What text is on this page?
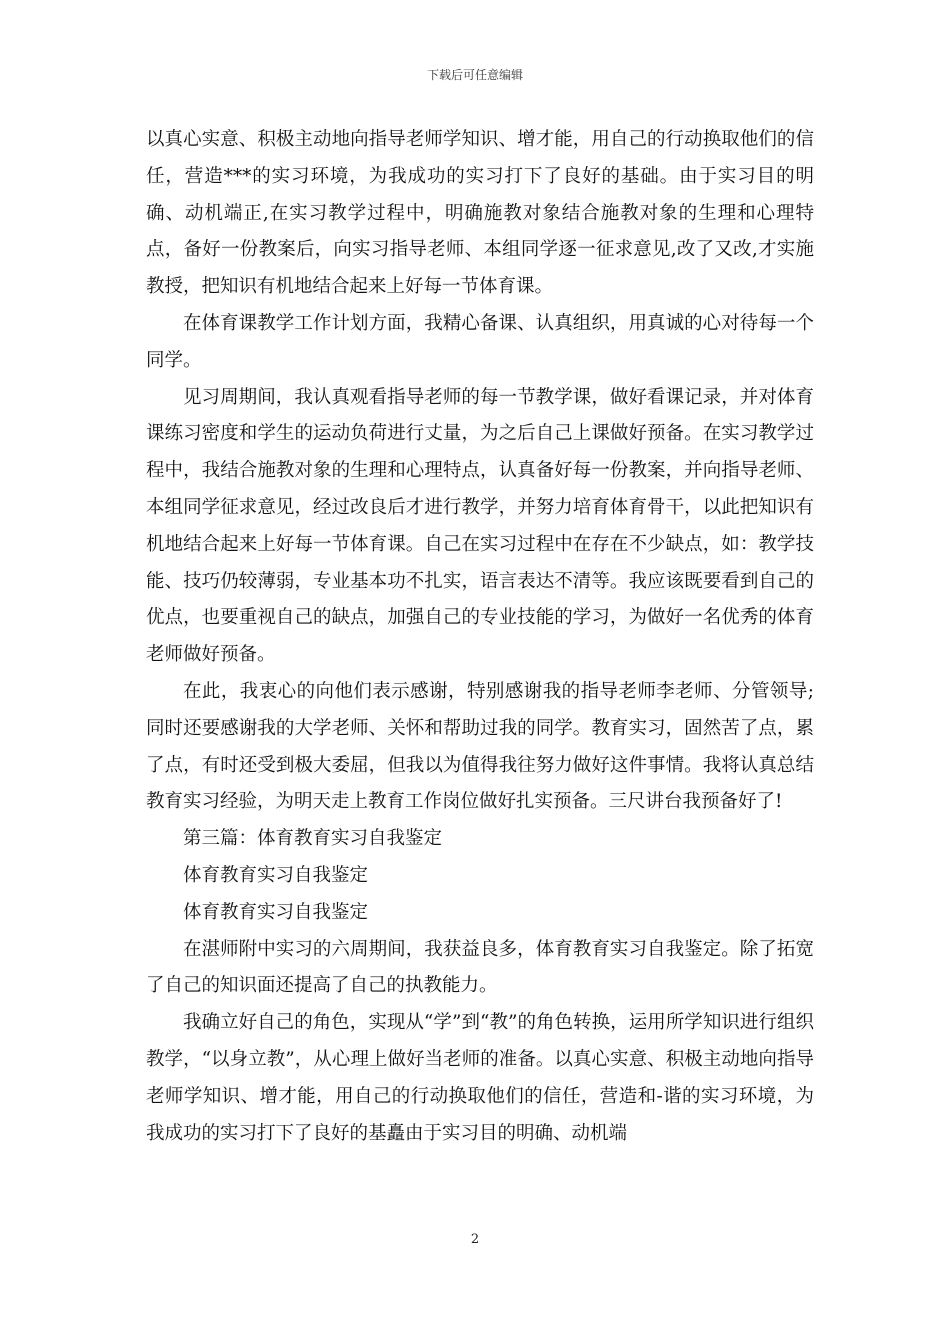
下载后可任意编辑

以真心实意、积极主动地向指导老师学知识、增才能，用自己的行动换取他们的信任，营造***的实习环境，为我成功的实习打下了良好的基础。由于实习目的明确、动机端正,在实习教学过程中，明确施教对象结合施教对象的生理和心理特点，备好一份教案后，向实习指导老师、本组同学逐一征求意见,改了又改,才实施教授，把知识有机地结合起来上好每一节体育课。

在体育课教学工作计划方面，我精心备课、认真组织，用真诚的心对待每一个同学。

见习周期间，我认真观看指导老师的每一节教学课，做好看课记录，并对体育课练习密度和学生的运动负荷进行丈量，为之后自己上课做好预备。在实习教学过程中，我结合施教对象的生理和心理特点，认真备好每一份教案，并向指导老师、本组同学征求意见，经过改良后才进行教学，并努力培育体育骨干，以此把知识有机地结合起来上好每一节体育课。自己在实习过程中在存在不少缺点，如：教学技能、技巧仍较薄弱，专业基本功不扎实，语言表达不清等。我应该既要看到自己的优点，也要重视自己的缺点，加强自己的专业技能的学习，为做好一名优秀的体育老师做好预备。

在此，我衷心的向他们表示感谢，特别感谢我的指导老师李老师、分管领导;同时还要感谢我的大学老师、关怀和帮助过我的同学。教育实习，固然苦了点，累了点，有时还受到极大委屈，但我以为值得我往努力做好这件事情。我将认真总结教育实习经验，为明天走上教育工作岗位做好扎实预备。三尺讲台我预备好了!

第三篇：体育教育实习自我鉴定

体育教育实习自我鉴定

体育教育实习自我鉴定

在湛师附中实习的六周期间，我获益良多，体育教育实习自我鉴定。除了拓宽了自己的知识面还提高了自己的执教能力。

我确立好自己的角色，实现从“学”到“教”的角色转换，运用所学知识进行组织教学，“以身立教”，从心理上做好当老师的准备。以真心实意、积极主动地向指导老师学知识、增才能，用自己的行动换取他们的信任，营造和-谐的实习环境，为我成功的实习打下了良好的基矗由于实习目的明确、动机端

2
